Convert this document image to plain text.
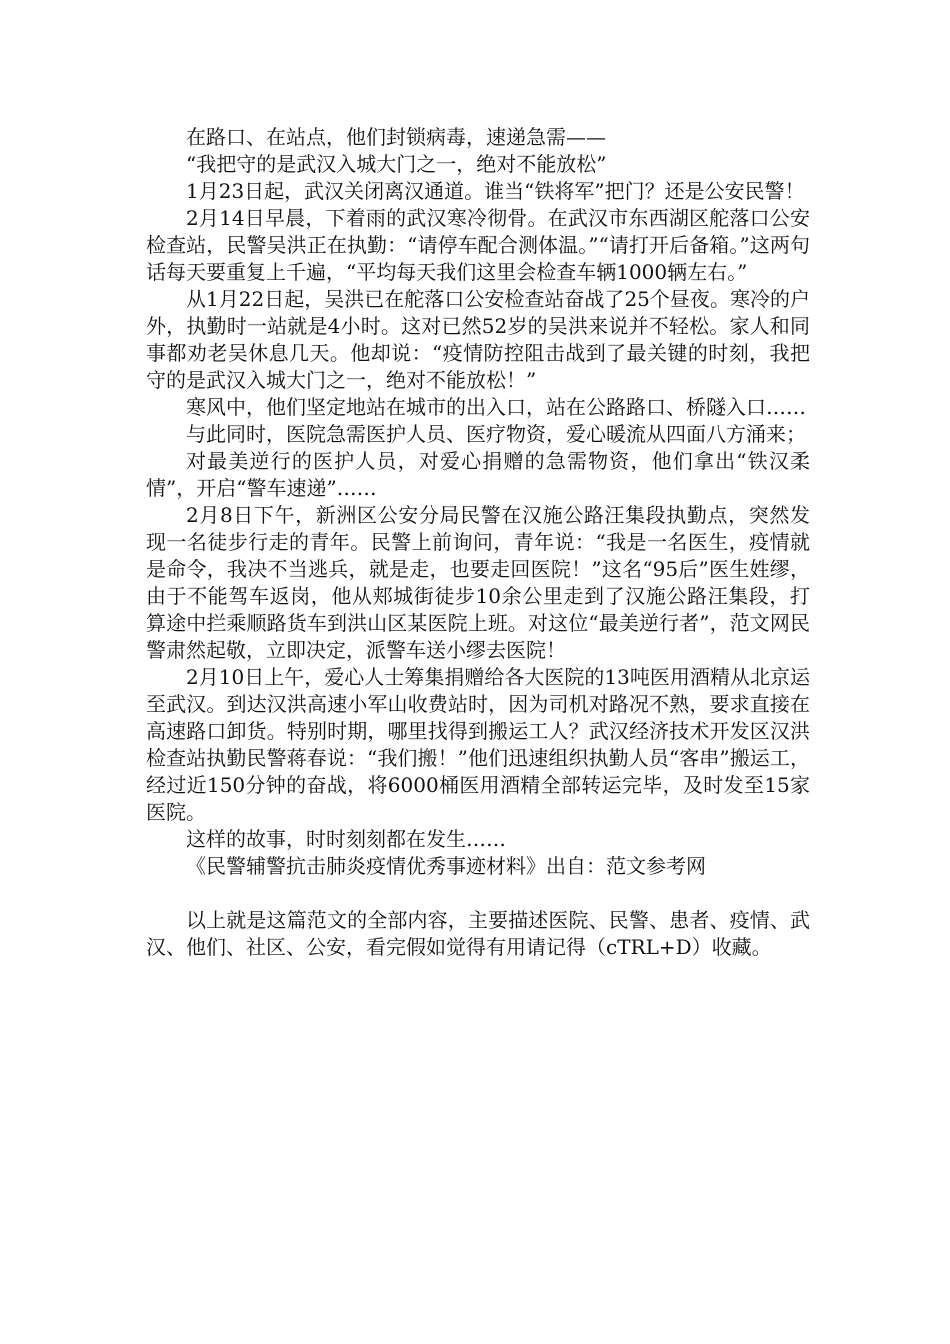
在路口、在站点，他们封锁病毒，速递急需——

“我把守的是武汉入城大门之一，绝对不能放松”

1月23日起，武汉关闭离汉通道。谁当“铁将军”把门？还是公安民警！

2月14日早晨，下着雨的武汉寒冷彻骨。在武汉市东西湖区舵落口公安检查站，民警吴洪正在执勤：“请停车配合测体温。”“请打开后备箱。”这两句话每天要重复上千遍，“平均每天我们这里会检查车辆1000辆左右。”

从1月22日起，吴洪已在舵落口公安检查站奋战了25个昼夜。寒冷的户外，执勤时一站就是4小时。这对已然52岁的吴洪来说并不轻松。家人和同事都劝老吴休息几天。他却说：“疫情防控阻击战到了最关键的时刻，我把守的是武汉入城大门之一，绝对不能放松！”

寒风中，他们坚定地站在城市的出入口，站在公路路口、桥隧入口……

与此同时，医院急需医护人员、医疗物资，爱心暖流从四面八方涌来；

对最美逆行的医护人员，对爱心捐赠的急需物资，他们拿出“铁汉柔情”，开启“警车速递”……

2月8日下午，新洲区公安分局民警在汉施公路汪集段执勤点，突然发现一名徒步行走的青年。民警上前询问，青年说：“我是一名医生，疫情就是命令，我决不当逃兵，就是走，也要走回医院！”这名“95后”医生姓缪，由于不能驾车返岗，他从郏城街徒步10余公里走到了汉施公路汪集段，打算途中拦乘顺路货车到洪山区某医院上班。对这位“最美逆行者”，范文网民警肃然起敬，立即决定，派警车送小缪去医院！

2月10日上午，爱心人士筹集捐赠给各大医院的13吨医用酒精从北京运至武汉。到达汉洪高速小军山收费站时，因为司机对路况不熟，要求直接在高速路口卸货。特别时期，哪里找得到搬运工人？武汉经济技术开发区汉洪检查站执勤民警蒋春说：“我们搬！”他们迅速组织执勤人员“客串”搬运工，经过近150分钟的奋战，将6000桶医用酒精全部转运完毕，及时发至15家医院。

这样的故事，时时刻刻都在发生……

《民警辅警抗击肺炎疫情优秀事迹材料》出自：范文参考网

以上就是这篇范文的全部内容，主要描述医院、民警、患者、疫情、武汉、他们、社区、公安，看完假如觉得有用请记得（cTRL+D）收藏。
